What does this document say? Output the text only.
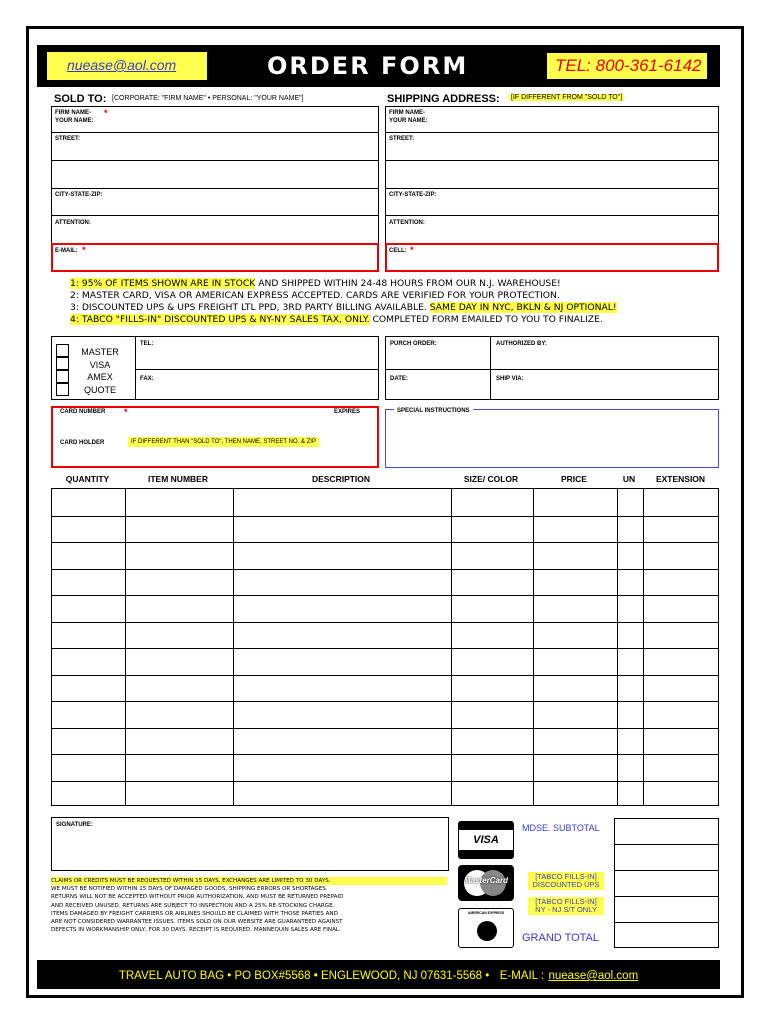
nuease@aol.com	ORDER FORM	TEL: 800-361-6142
SOLD TO: [CORPORATE: "FIRM NAME" • PERSONAL: "YOUR NAME"]
FIRM NAME- *
YOUR NAME:
STREET:
CITY-STATE-ZIP:
ATTENTION:
E-MAIL: *
SHIPPING ADDRESS: [IF DIFFERENT FROM "SOLD TO"]
FIRM NAME-
YOUR NAME:
STREET:
CITY-STATE-ZIP:
ATTENTION:
CELL: *
1: 95% OF ITEMS SHOWN ARE IN STOCK AND SHIPPED WITHIN 24-48 HOURS FROM OUR N.J. WAREHOUSE!
2: MASTER CARD, VISA OR AMERICAN EXPRESS ACCEPTED. CARDS ARE VERIFIED FOR YOUR PROTECTION.
3: DISCOUNTED UPS & UPS FREIGHT LTL PPD, 3RD PARTY BILLING AVAILABLE. SAME DAY IN NYC, BKLN & NJ OPTIONAL!
4: TABCO "FILLS-IN" DISCOUNTED UPS & NY-NY SALES TAX, ONLY. COMPLETED FORM EMAILED TO YOU TO FINALIZE.
MASTER
VISA
AMEX
QUOTE
TEL:
FAX:
PURCH ORDER:	AUTHORIZED BY:
DATE:	SHIP VIA:
CARD NUMBER *	EXPIRES
CARD HOLDER	IF DIFFERENT THAN "SOLD TO", THEN NAME, STREET NO. & ZIP
SPECIAL INSTRUCTIONS
QUANTITY	ITEM NUMBER	DESCRIPTION	SIZE/ COLOR	PRICE	UN	EXTENSION
SIGNATURE:
CLAIMS OR CREDITS MUST BE REQUESTED WITHIN 15 DAYS. EXCHANGES ARE LIMITED TO 30 DAYS.
WE MUST BE NOTIFIED WITHIN 15 DAYS OF DAMAGED GOODS, SHIPPING ERRORS OR SHORTAGES.
RETURNS WILL NOT BE ACCEPTED WITHOUT PRIOR AUTHORIZATION, AND MUST BE RETURNED PREPAID
AND RECEIVED UNUSED. RETURNS ARE SUBJECT TO INSPECTION AND A 25% RE-STOCKING CHARGE.
ITEMS DAMAGED BY FREIGHT CARRIERS OR AIRLINES SHOULD BE CLAIMED WITH THOSE PARTIES AND
ARE NOT CONSIDERED WARRANTEE ISSUES. ITEMS SOLD ON OUR WEBSITE ARE GUARANTEED AGAINST
DEFECTS IN WORKMANSHIP ONLY, FOR 30 DAYS. RECEIPT IS REQUIRED. MANNEQUIN SALES ARE FINAL.
VISA
MasterCard
AMERICAN EXPRESS
MDSE. SUBTOTAL
[TABCO FILLS-IN]
DISCOUNTED UPS
[TABCO FILLS-IN]
NY - NJ S/T ONLY
GRAND TOTAL
TRAVEL AUTO BAG • PO BOX#5568 • ENGLEWOOD, NJ 07631-5568 • E-MAIL : nuease@aol.com
